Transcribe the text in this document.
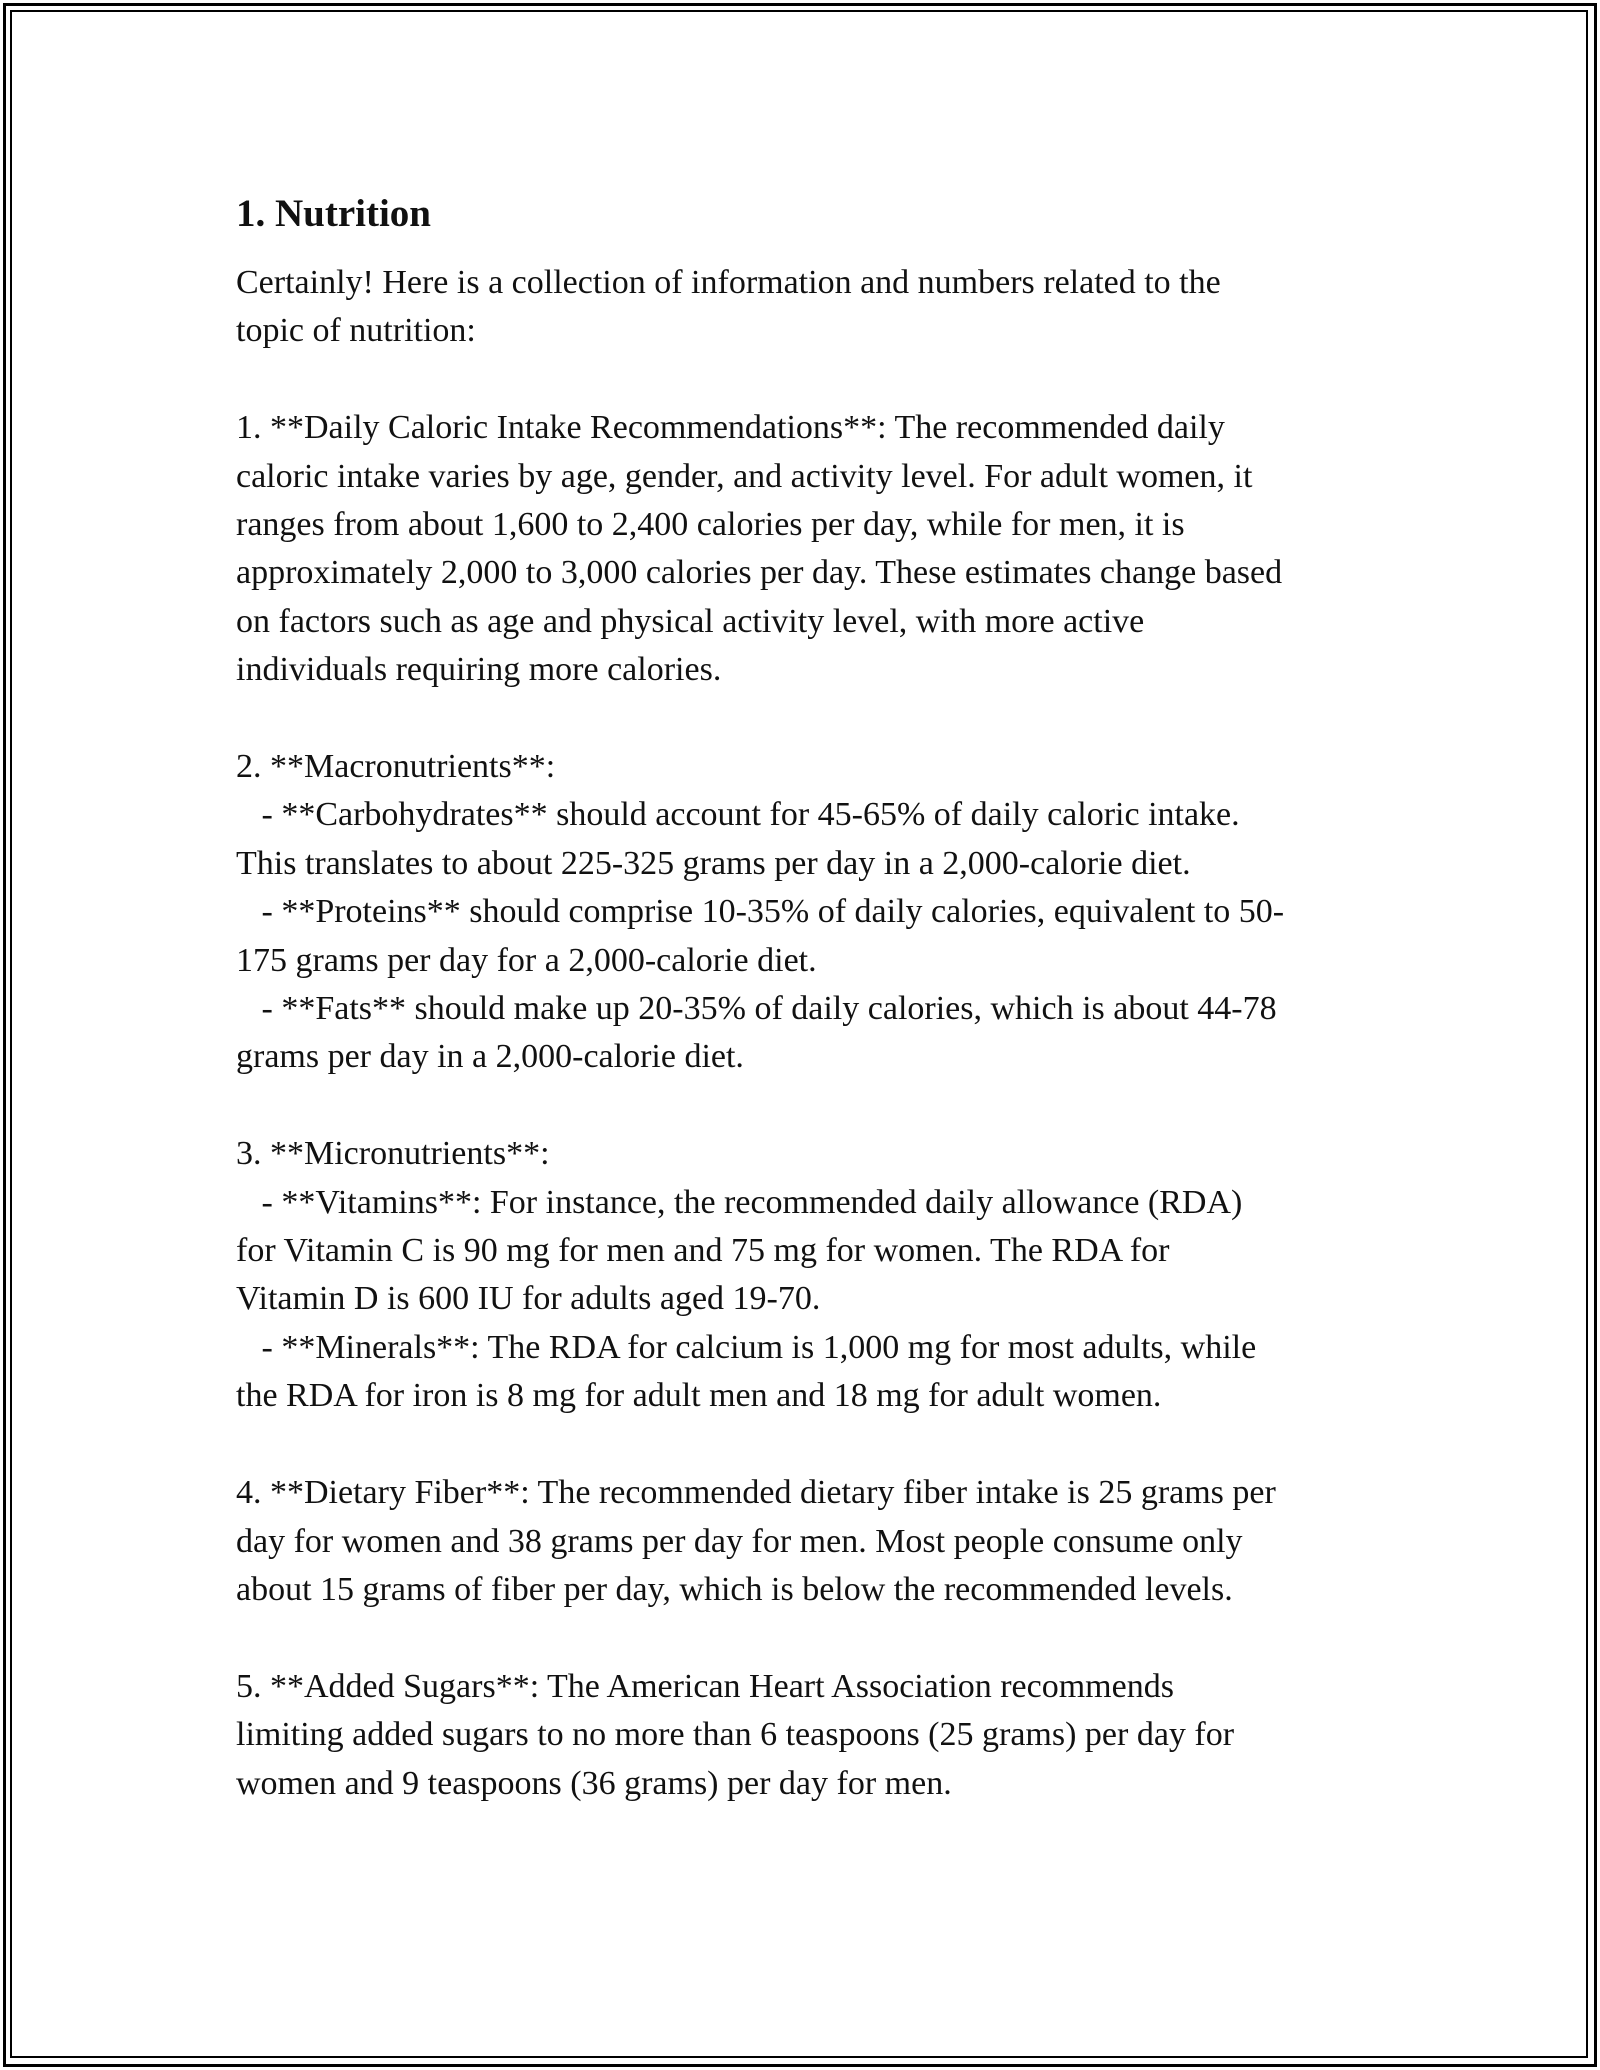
1. Nutrition

Certainly! Here is a collection of information and numbers related to the
topic of nutrition:

1. **Daily Caloric Intake Recommendations**: The recommended daily
caloric intake varies by age, gender, and activity level. For adult women, it
ranges from about 1,600 to 2,400 calories per day, while for men, it is
approximately 2,000 to 3,000 calories per day. These estimates change based
on factors such as age and physical activity level, with more active
individuals requiring more calories.

2. **Macronutrients**:
- **Carbohydrates** should account for 45-65% of daily caloric intake.
This translates to about 225-325 grams per day in a 2,000-calorie diet.
- **Proteins** should comprise 10-35% of daily calories, equivalent to 50-
175 grams per day for a 2,000-calorie diet.
- **Fats** should make up 20-35% of daily calories, which is about 44-78
grams per day in a 2,000-calorie diet.

3. **Micronutrients**:
- **Vitamins**: For instance, the recommended daily allowance (RDA)
for Vitamin C is 90 mg for men and 75 mg for women. The RDA for
Vitamin D is 600 IU for adults aged 19-70.
- **Minerals**: The RDA for calcium is 1,000 mg for most adults, while
the RDA for iron is 8 mg for adult men and 18 mg for adult women.

4. **Dietary Fiber**: The recommended dietary fiber intake is 25 grams per
day for women and 38 grams per day for men. Most people consume only
about 15 grams of fiber per day, which is below the recommended levels.

5. **Added Sugars**: The American Heart Association recommends
limiting added sugars to no more than 6 teaspoons (25 grams) per day for
women and 9 teaspoons (36 grams) per day for men.
